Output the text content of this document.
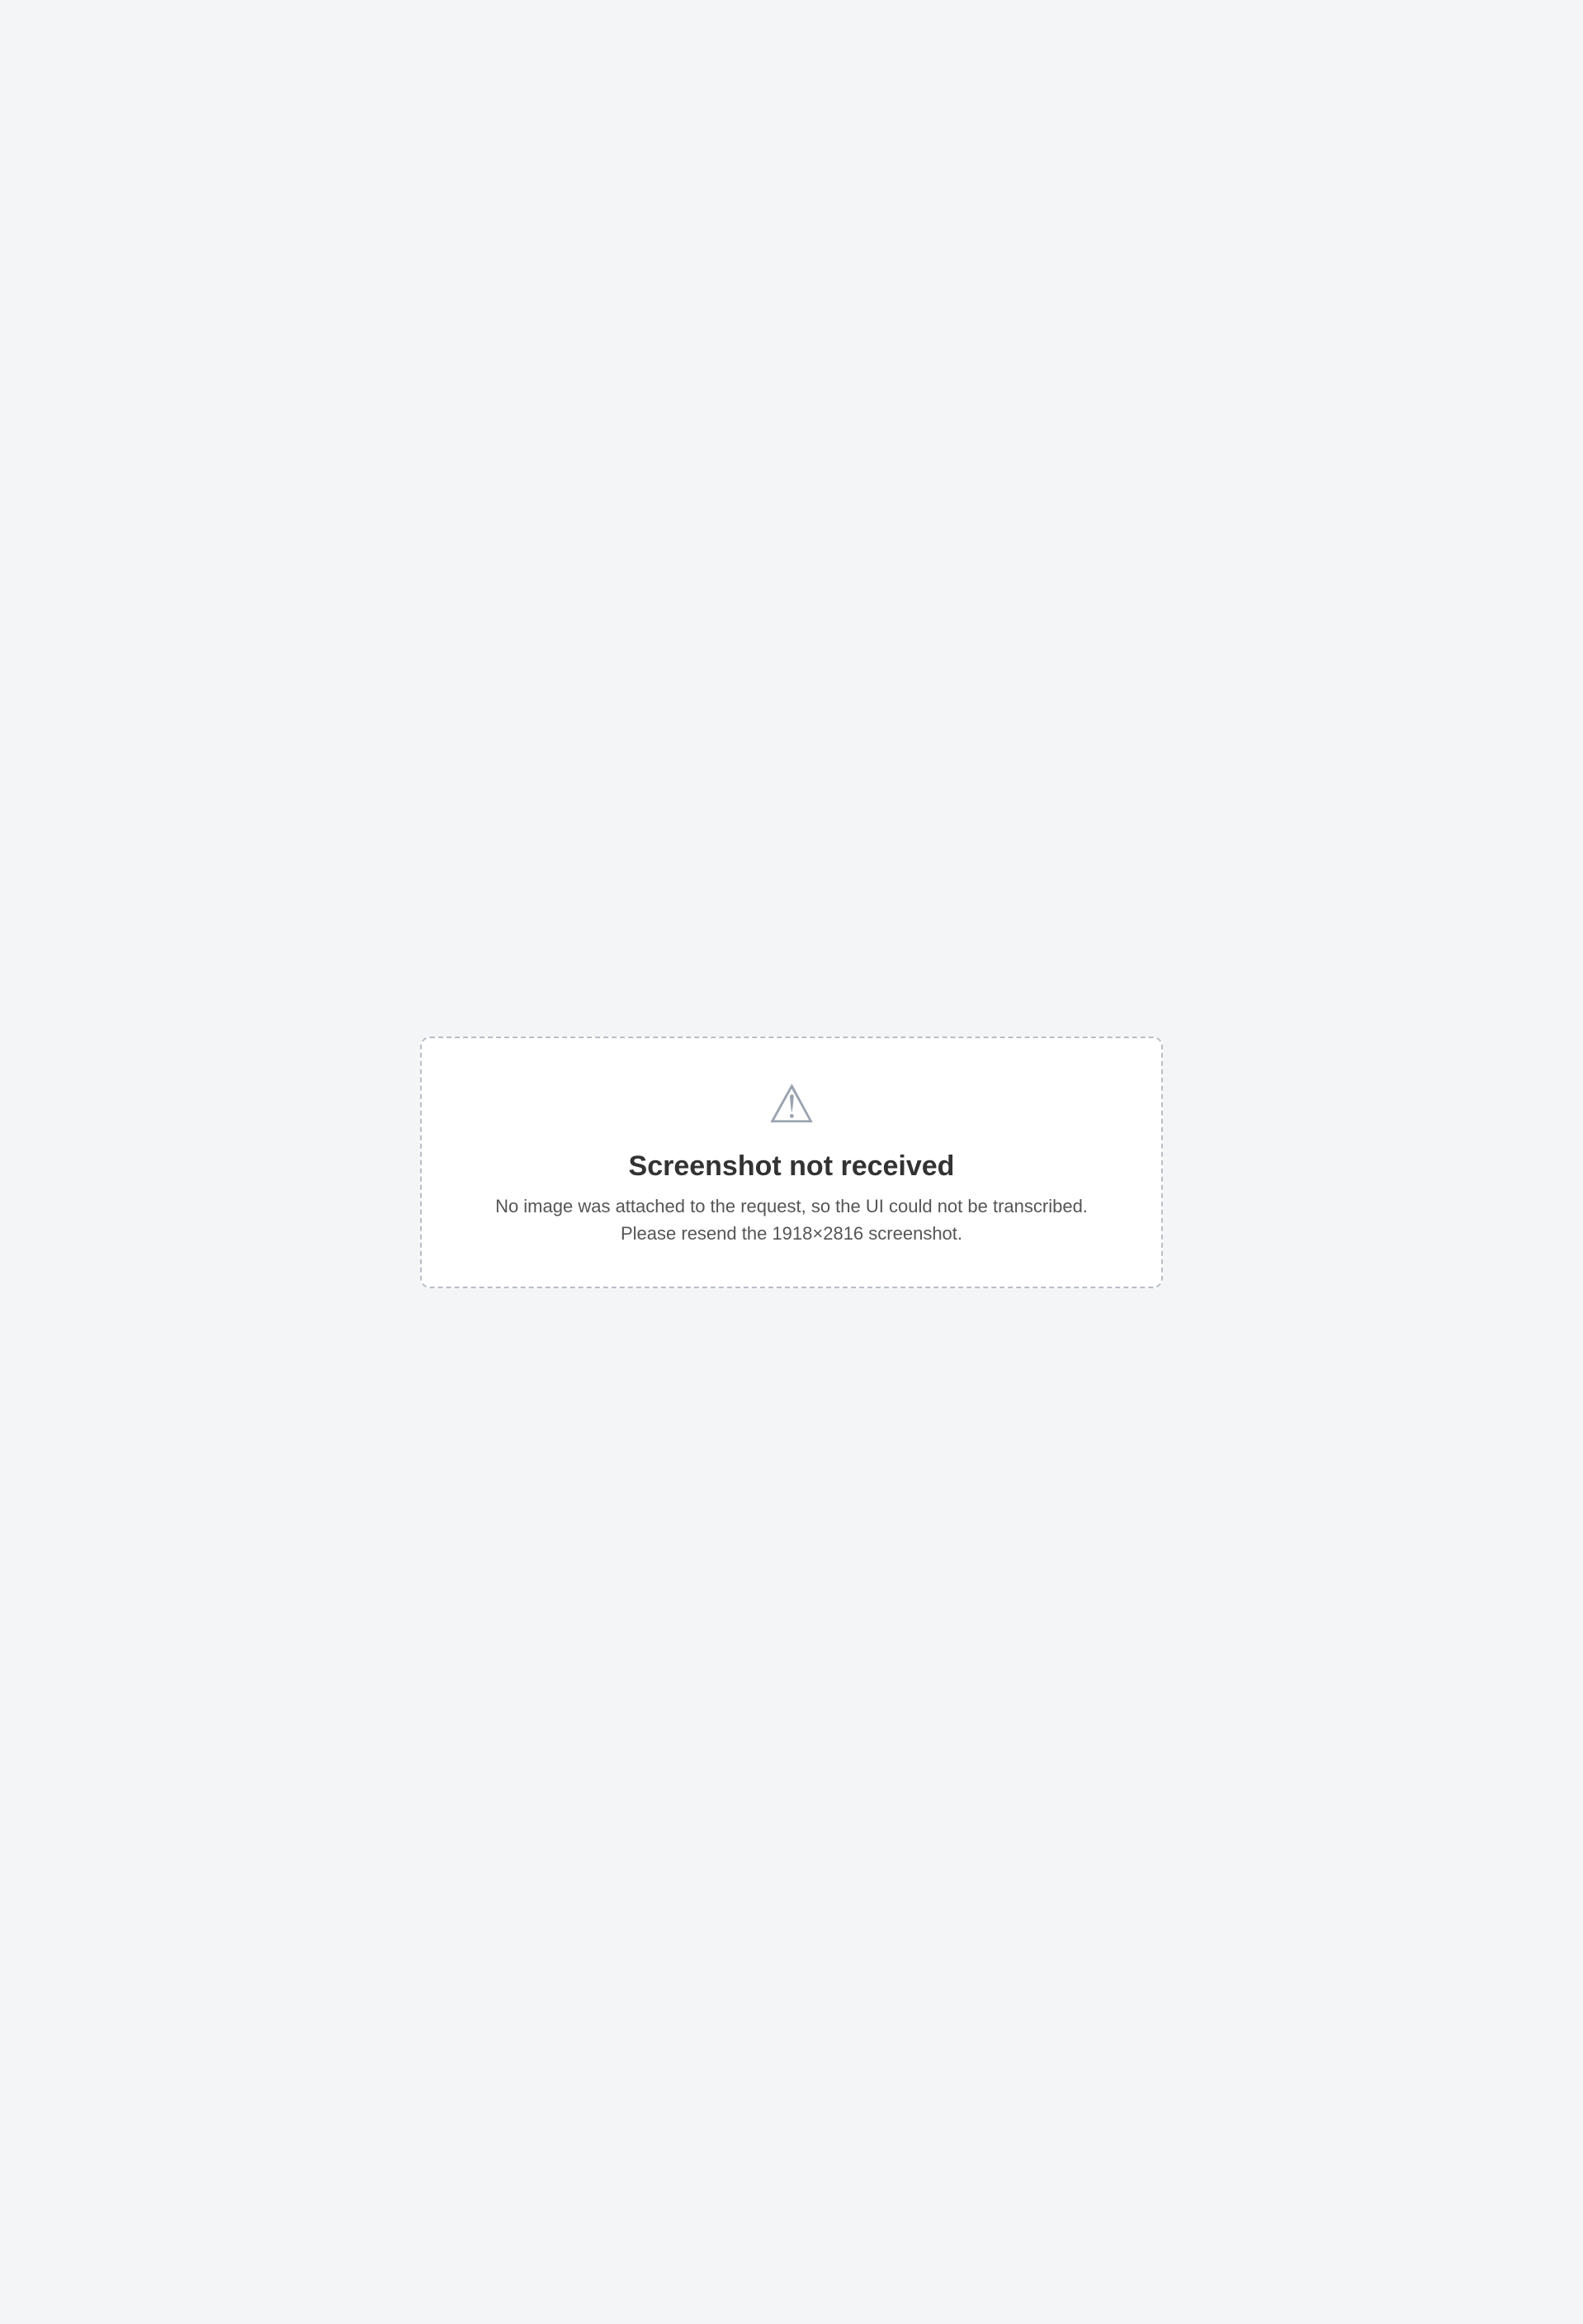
⚠
Screenshot not received
No image was attached to the request, so the UI could not be transcribed. Please resend the 1918×2816 screenshot.
